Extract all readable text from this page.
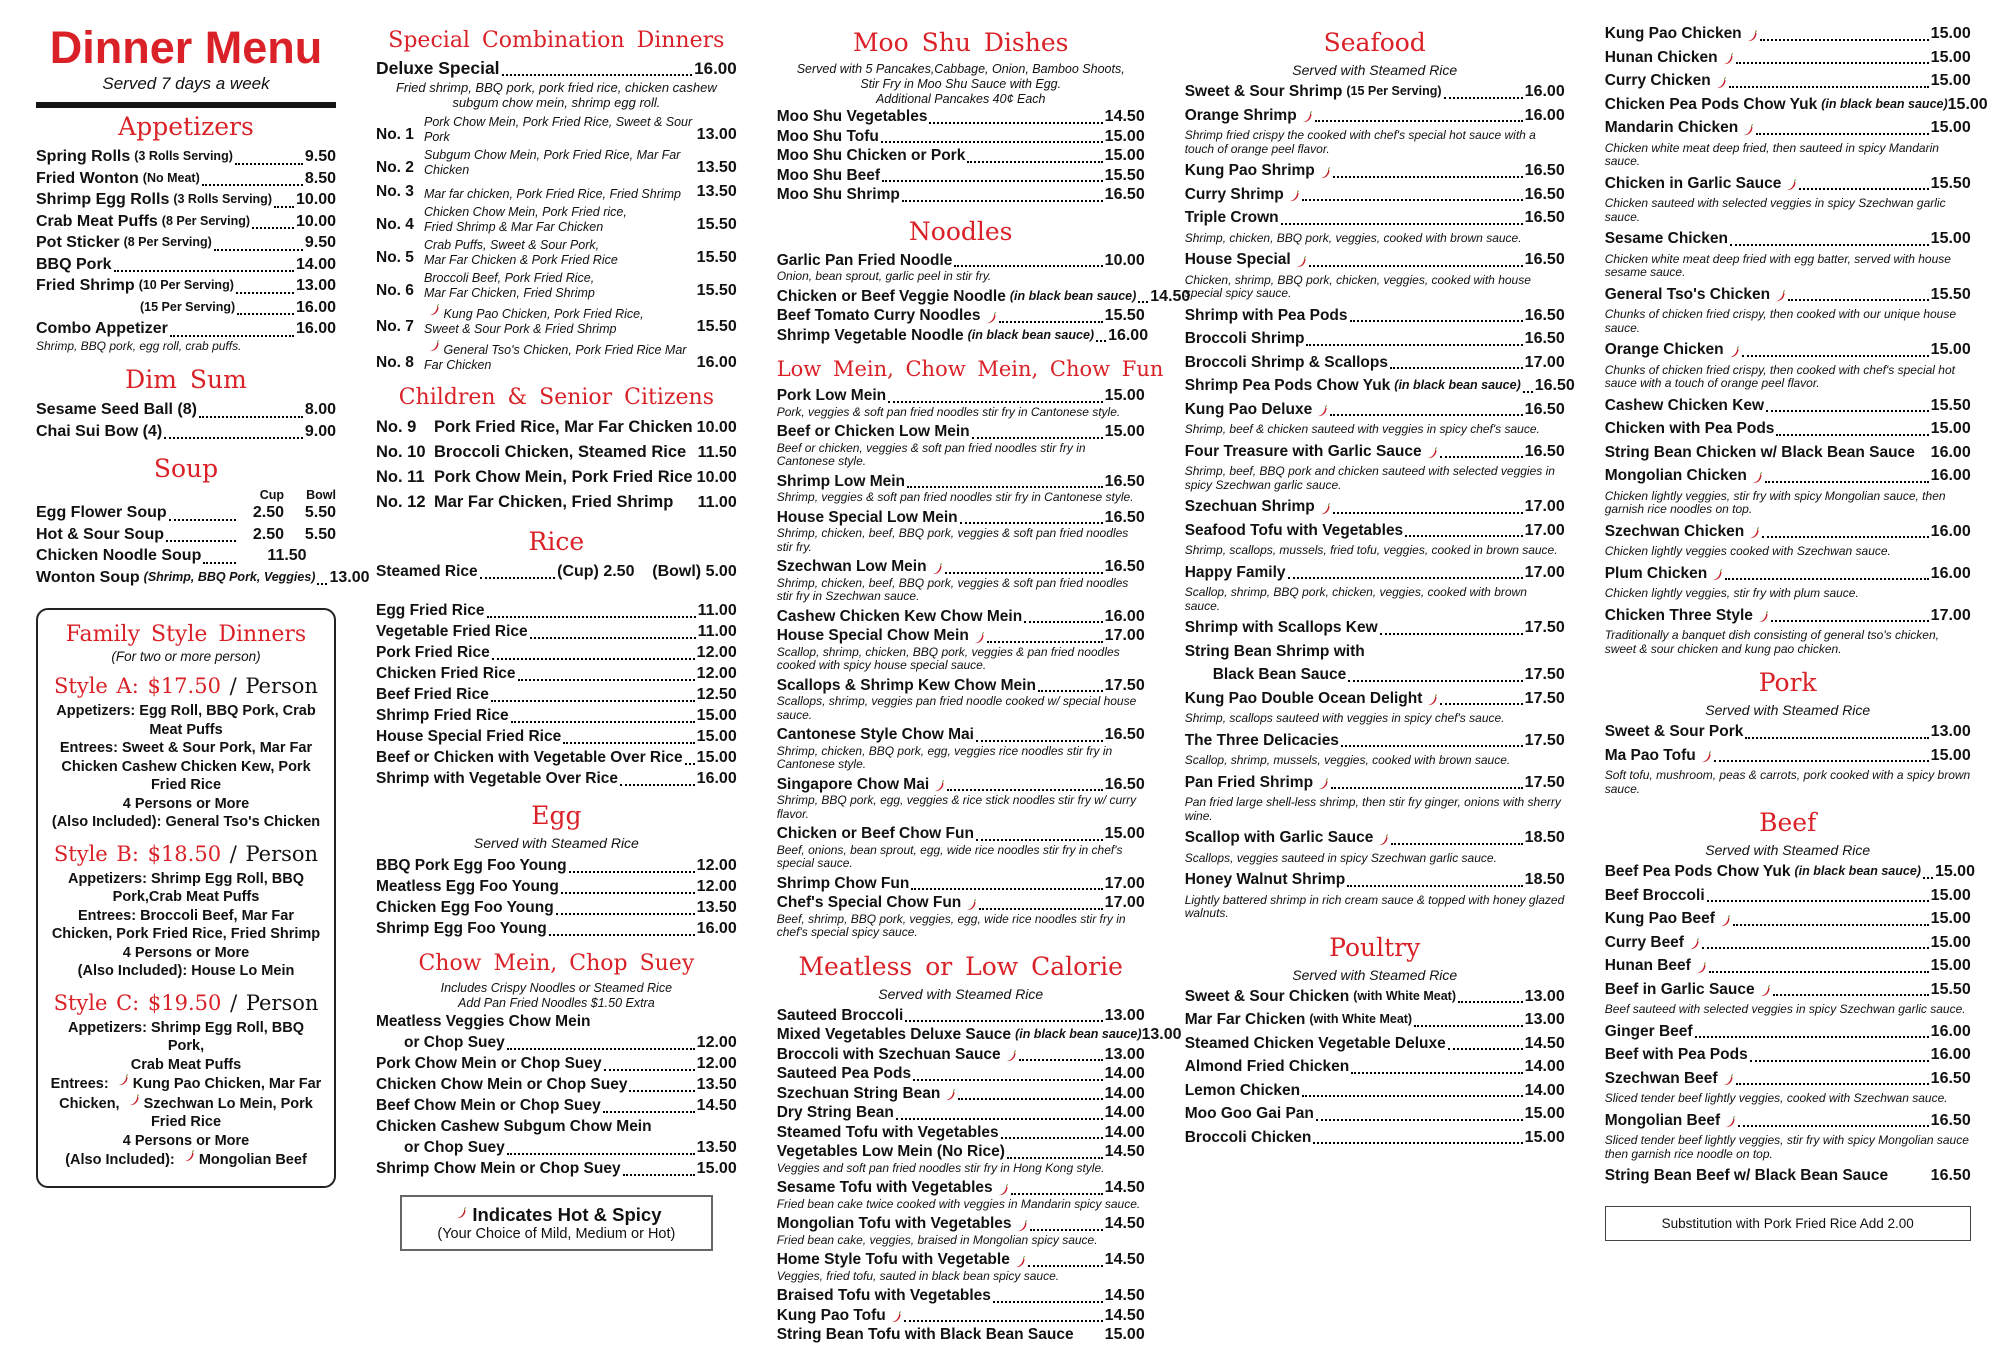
Dinner Menu
Served 7 days a week
Appetizers
Spring Rolls (3 Rolls Serving)	9.50
Fried Wonton (No Meat)	8.50
Shrimp Egg Rolls (3 Rolls Serving) 10.00
Crab Meat Puffs (8 Per Serving)	10.00
Pot Sticker (8 Per Serving)	9.50
BBQ Pork	14.00
Fried Shrimp (10 Per Serving)	13.00
(15 Per Serving)	16.00
Combo Appetizer	16.00
Shrimp, BBQ pork, egg roll, crab puffs.
Dim Sum
Sesame Seed Ball (8)	8.00
Chai Sui Bow (4)	9.00
Soup
Cup	Bowl
Egg Flower Soup	2.50	5.50
Hot & Sour Soup	2.50	5.50
Chicken Noodle Soup	11.50
Wonton Soup (Shrimp, BBQ Pork, Veggies) 13.00
Family Style Dinners
(For two or more person)
Style A: $17.50 / Person
Appetizers: Egg Roll, BBQ Pork, Crab Meat Puffs
Entrees: Sweet & Sour Pork, Mar Far Chicken Cashew Chicken Kew, Pork Fried Rice
4 Persons or More
(Also Included): General Tso's Chicken
Style B: $18.50 / Person
Appetizers: Shrimp Egg Roll, BBQ Pork,Crab Meat Puffs
Entrees: Broccoli Beef, Mar Far Chicken, Pork Fried Rice, Fried Shrimp
4 Persons or More
(Also Included): House Lo Mein
Style C: $19.50 / Person
Appetizers: Shrimp Egg Roll, BBQ Pork,
Crab Meat Puffs
Entrees:  Kung Pao Chicken, Mar Far Chicken,  Szechwan Lo Mein, Pork Fried Rice
4 Persons or More
(Also Included):  Mongolian Beef
Special Combination Dinners
Deluxe Special	16.00
Fried shrimp, BBQ pork, pork fried rice, chicken cashew subgum chow mein, shrimp egg roll.
No. 1
Pork Chow Mein, Pork Fried Rice, Sweet & Sour Pork	13.00
No. 2
Subgum Chow Mein, Pork Fried Rice, Mar Far Chicken	13.50
No. 3 Mar far chicken, Pork Fried Rice, Fried Shrimp 13.50
No. 4
Chicken Chow Mein, Pork Fried rice,
Fried Shrimp & Mar Far Chicken	15.50
No. 5
Crab Puffs, Sweet & Sour Pork,
Mar Far Chicken & Pork Fried Rice	15.50
No. 6
Broccoli Beef, Pork Fried Rice,
Mar Far Chicken, Fried Shrimp	15.50
No. 7
Kung Pao Chicken, Pork Fried Rice,
Sweet & Sour Pork & Fried Shrimp	15.50
No. 8
General Tso's Chicken, Pork Fried Rice Mar Far Chicken	16.00
Children & Senior Citizens
No. 9	Pork Fried Rice, Mar Far Chicken 10.00
No. 10 Broccoli Chicken, Steamed Rice 11.50
No. 11 Pork Chow Mein, Pork Fried Rice 10.00
No. 12 Mar Far Chicken, Fried Shrimp 11.00
Rice
Steamed Rice	(Cup) 2.50    (Bowl) 5.00
Egg Fried Rice	11.00
Vegetable Fried Rice	11.00
Pork Fried Rice	12.00
Chicken Fried Rice	12.00
Beef Fried Rice	12.50
Shrimp Fried Rice	15.00
House Special Fried Rice	15.00
Beef or Chicken with Vegetable Over Rice 15.00
Shrimp with Vegetable Over Rice	16.00
Egg
Served with Steamed Rice
BBQ Pork Egg Foo Young	12.00
Meatless Egg Foo Young	12.00
Chicken Egg Foo Young	13.50
Shrimp Egg Foo Young	16.00
Chow Mein, Chop Suey
Includes Crispy Noodles or Steamed Rice
Add Pan Fried Noodles $1.50 Extra
Meatless Veggies Chow Mein
or Chop Suey	12.00
Pork Chow Mein or Chop Suey	12.00
Chicken Chow Mein or Chop Suey	13.50
Beef Chow Mein or Chop Suey	14.50
Chicken Cashew Subgum Chow Mein
or Chop Suey	13.50
Shrimp Chow Mein or Chop Suey	15.00
Indicates Hot & Spicy
(Your Choice of Mild, Medium or Hot)
Moo Shu Dishes
Served with 5 Pancakes,Cabbage, Onion, Bamboo Shoots,
Stir Fry in Moo Shu Sauce with Egg.
Additional Pancakes 40¢ Each
Moo Shu Vegetables	14.50
Moo Shu Tofu	15.00
Moo Shu Chicken or Pork	15.00
Moo Shu Beef	15.50
Moo Shu Shrimp	16.50
Noodles
Garlic Pan Fried Noodle	10.00
Onion, bean sprout, garlic peel in stir fry.
Chicken or Beef Veggie Noodle (in black bean sauce) 14.50
Beef Tomato Curry Noodles	15.50
Shrimp Vegetable Noodle (in black bean sauce) 16.00
Low Mein, Chow Mein, Chow Fun
Pork Low Mein	15.00
Pork, veggies & soft pan fried noodles stir fry in Cantonese style.
Beef or Chicken Low Mein	15.00
Beef or chicken, veggies & soft pan fried noodles stir fry in Cantonese style.
Shrimp Low Mein	16.50
Shrimp, veggies & soft pan fried noodles stir fry in Cantonese style.
House Special Low Mein	16.50
Shrimp, chicken, beef, BBQ pork, veggies & soft pan fried noodles stir fry.
Szechwan Low Mein	16.50
Shrimp, chicken, beef, BBQ pork, veggies & soft pan fried noodles stir fry in Szechwan sauce.
Cashew Chicken Kew Chow Mein	16.00
House Special Chow Mein	17.00
Scallop, shrimp, chicken, BBQ pork, veggies & pan fried noodles cooked with spicy house special sauce.
Scallops & Shrimp Kew Chow Mein	17.50
Scallops, shrimp, veggies pan fried noodle cooked w/ special house sauce.
Cantonese Style Chow Mai	16.50
Shrimp, chicken, BBQ pork, egg, veggies rice noodles stir fry in Cantonese style.
Singapore Chow Mai	16.50
Shrimp, BBQ pork, egg, veggies & rice stick noodles stir fry w/ curry flavor.
Chicken or Beef Chow Fun	15.00
Beef, onions, bean sprout, egg, wide rice noodles stir fry in chef's special sauce.
Shrimp Chow Fun	17.00
Chef's Special Chow Fun	17.00
Beef, shrimp, BBQ pork, veggies, egg, wide rice noodles stir fry in chef's special spicy sauce.
Meatless or Low Calorie
Served with Steamed Rice
Sauteed Broccoli	13.00
Mixed Vegetables Deluxe Sauce (in black bean sauce) 13.00
Broccoli with Szechuan Sauce	13.00
Sauteed Pea Pods	14.00
Szechuan String Bean	14.00
Dry String Bean	14.00
Steamed Tofu with Vegetables	14.00
Vegetables Low Mein (No Rice)	14.50
Veggies and soft pan fried noodles stir fry in Hong Kong style.
Sesame Tofu with Vegetables	14.50
Fried bean cake twice cooked with veggies in Mandarin spicy sauce.
Mongolian Tofu with Vegetables	14.50
Fried bean cake, veggies, braised in Mongolian spicy sauce.
Home Style Tofu with Vegetable	14.50
Veggies, fried tofu, sauted in black bean spicy sauce.
Braised Tofu with Vegetables	14.50
Kung Pao Tofu	14.50
String Bean Tofu with Black Bean Sauce 15.00
Seafood
Served with Steamed Rice
Sweet & Sour Shrimp (15 Per Serving)	16.00
Orange Shrimp	16.00
Shrimp fried crispy the cooked with chef's special hot sauce with a touch of orange peel flavor.
Kung Pao Shrimp	16.50
Curry Shrimp	16.50
Triple Crown	16.50
Shrimp, chicken, BBQ pork, veggies, cooked with brown sauce.
House Special	16.50
Chicken, shrimp, BBQ pork, chicken, veggies, cooked with house special spicy sauce.
Shrimp with Pea Pods	16.50
Broccoli Shrimp	16.50
Broccoli Shrimp & Scallops	17.00
Shrimp Pea Pods Chow Yuk (in black bean sauce) 16.50
Kung Pao Deluxe	16.50
Shrimp, beef & chicken sauteed with veggies in spicy chef's sauce.
Four Treasure with Garlic Sauce	16.50
Shrimp, beef, BBQ pork and chicken sauteed with selected veggies in spicy Szechwan garlic sauce.
Szechuan Shrimp	17.00
Seafood Tofu with Vegetables	17.00
Shrimp, scallops, mussels, fried tofu, veggies, cooked in brown sauce.
Happy Family	17.00
Scallop, shrimp, BBQ pork, chicken, veggies, cooked with brown sauce.
Shrimp with Scallops Kew	17.50
String Bean Shrimp with
Black Bean Sauce	17.50
Kung Pao Double Ocean Delight	17.50
Shrimp, scallops sauteed with veggies in spicy chef's sauce.
The Three Delicacies	17.50
Scallop, shrimp, mussels, veggies, cooked with brown sauce.
Pan Fried Shrimp	17.50
Pan fried large shell-less shrimp, then stir fry ginger, onions with sherry wine.
Scallop with Garlic Sauce	18.50
Scallops, veggies sauteed in spicy Szechwan garlic sauce.
Honey Walnut Shrimp	18.50
Lightly battered shrimp in rich cream sauce & topped with honey glazed walnuts.
Poultry
Served with Steamed Rice
Sweet & Sour Chicken (with White Meat)	13.00
Mar Far Chicken (with White Meat)	13.00
Steamed Chicken Vegetable Deluxe	14.50
Almond Fried Chicken	14.00
Lemon Chicken	14.00
Moo Goo Gai Pan	15.00
Broccoli Chicken	15.00
Kung Pao Chicken	15.00
Hunan Chicken	15.00
Curry Chicken	15.00
Chicken Pea Pods Chow Yuk (in black bean sauce) 15.00
Mandarin Chicken	15.00
Chicken white meat deep fried, then sauteed in spicy Mandarin sauce.
Chicken in Garlic Sauce	15.50
Chicken sauteed with selected veggies in spicy Szechwan garlic sauce.
Sesame Chicken	15.00
Chicken white meat deep fried with egg batter, served with house sesame sauce.
General Tso's Chicken	15.50
Chunks of chicken fried crispy, then cooked with our unique house sauce.
Orange Chicken	15.00
Chunks of chicken fried crispy, then cooked with chef's special hot sauce with a touch of orange peel flavor.
Cashew Chicken Kew	15.50
Chicken with Pea Pods	15.00
String Bean Chicken w/ Black Bean Sauce 16.00
Mongolian Chicken	16.00
Chicken lightly veggies, stir fry with spicy Mongolian sauce, then garnish rice noodles on top.
Szechwan Chicken	16.00
Chicken lightly veggies cooked with Szechwan sauce.
Plum Chicken	16.00
Chicken lightly veggies, stir fry with plum sauce.
Chicken Three Style	17.00
Traditionally a banquet dish consisting of general tso's chicken, sweet & sour chicken and kung pao chicken.
Pork
Served with Steamed Rice
Sweet & Sour Pork	13.00
Ma Pao Tofu	15.00
Soft tofu, mushroom, peas & carrots, pork cooked with a spicy brown sauce.
Beef
Served with Steamed Rice
Beef Pea Pods Chow Yuk (in black bean sauce) 15.00
Beef Broccoli	15.00
Kung Pao Beef	15.00
Curry Beef	15.00
Hunan Beef	15.00
Beef in Garlic Sauce	15.50
Beef sauteed with selected veggies in spicy Szechwan garlic sauce.
Ginger Beef	16.00
Beef with Pea Pods	16.00
Szechwan Beef	16.50
Sliced tender beef lightly veggies, cooked with Szechwan sauce.
Mongolian Beef	16.50
Sliced tender beef lightly veggies, stir fry with spicy Mongolian sauce then garnish rice noodle on top.
String Bean Beef w/ Black Bean Sauce	16.50
Substitution with Pork Fried Rice Add 2.00
